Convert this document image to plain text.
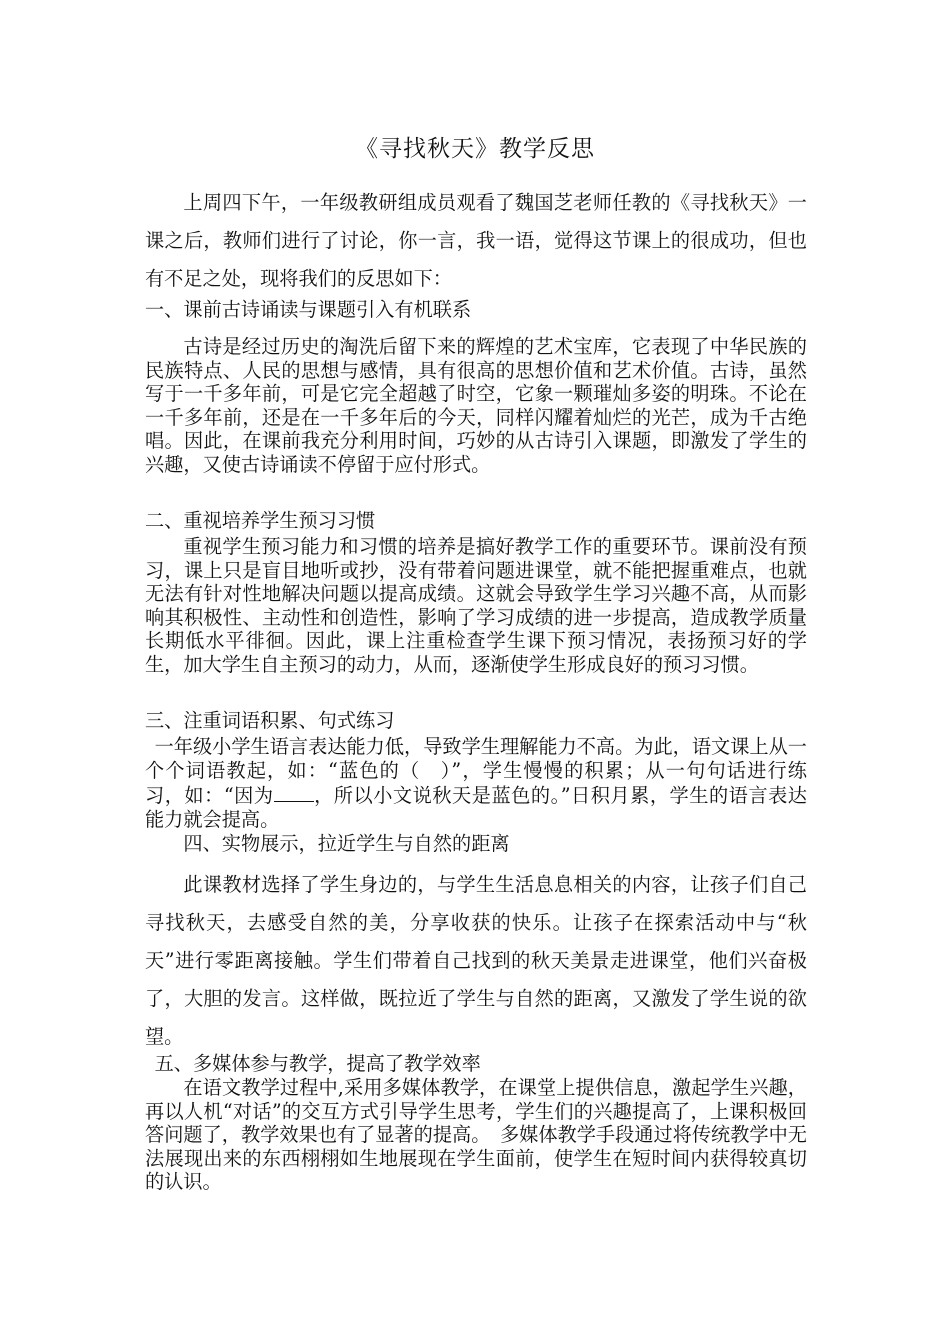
《寻找秋天》教学反思
上周四下午，一年级教研组成员观看了魏国芝老师任教的《寻找秋天》一课之后，教师们进行了讨论，你一言，我一语，觉得这节课上的很成功，但也有不足之处，现将我们的反思如下：
一、课前古诗诵读与课题引入有机联系
古诗是经过历史的淘洗后留下来的辉煌的艺术宝库，它表现了中华民族的民族特点、人民的思想与感情，具有很高的思想价值和艺术价值。古诗，虽然写于一千多年前，可是它完全超越了时空，它象一颗璀灿多姿的明珠。不论在一千多年前，还是在一千多年后的今天，同样闪耀着灿烂的光芒，成为千古绝唱。因此，在课前我充分利用时间，巧妙的从古诗引入课题，即激发了学生的兴趣，又使古诗诵读不停留于应付形式。
二、重视培养学生预习习惯
重视学生预习能力和习惯的培养是搞好教学工作的重要环节。课前没有预习，课上只是盲目地听或抄，没有带着问题进课堂，就不能把握重难点，也就无法有针对性地解决问题以提高成绩。这就会导致学生学习兴趣不高，从而影响其积极性、主动性和创造性，影响了学习成绩的进一步提高，造成教学质量长期低水平徘徊。因此，课上注重检查学生课下预习情况，表扬预习好的学生，加大学生自主预习的动力，从而，逐渐使学生形成良好的预习习惯。
三、注重词语积累、句式练习
一年级小学生语言表达能力低，导致学生理解能力不高。为此，语文课上从一个个词语教起，如：“蓝色的（　）”，学生慢慢的积累；从一句句话进行练习，如：“因为 ，所以小文说秋天是蓝色的。”日积月累，学生的语言表达能力就会提高。
四、实物展示，拉近学生与自然的距离
此课教材选择了学生身边的，与学生生活息息相关的内容，让孩子们自己寻找秋天，去感受自然的美，分享收获的快乐。让孩子在探索活动中与“秋天”进行零距离接触。学生们带着自己找到的秋天美景走进课堂，他们兴奋极了，大胆的发言。这样做，既拉近了学生与自然的距离，又激发了学生说的欲望。
五、多媒体参与教学，提高了教学效率
在语文教学过程中,采用多媒体教学，在课堂上提供信息，激起学生兴趣，再以人机“对话”的交互方式引导学生思考，学生们的兴趣提高了，上课积极回答问题了，教学效果也有了显著的提高。　多媒体教学手段通过将传统教学中无法展现出来的东西栩栩如生地展现在学生面前，使学生在短时间内获得较真切的认识。
